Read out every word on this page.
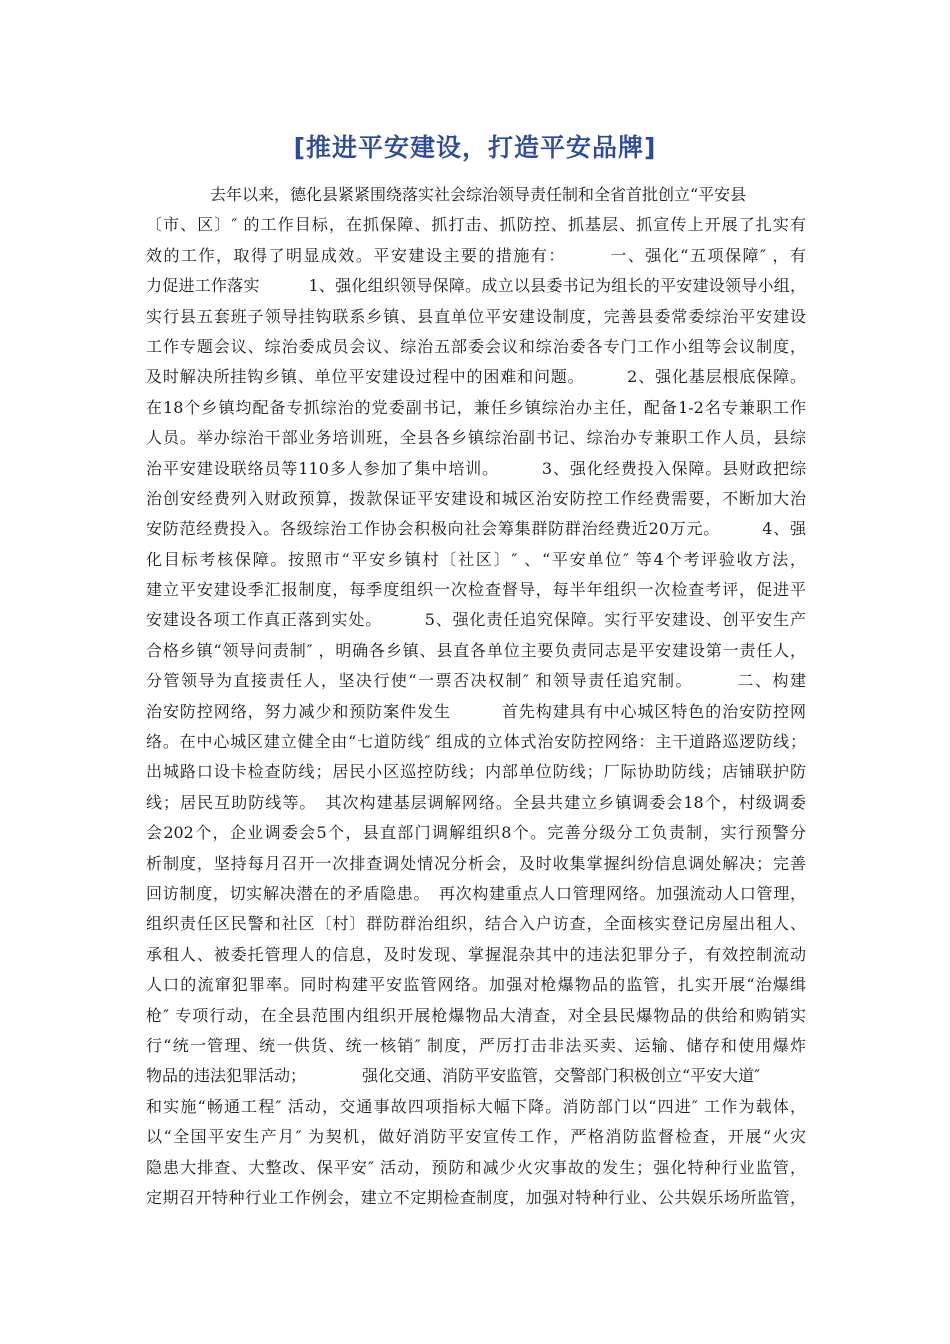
[推进平安建设，打造平安品牌]
去年以来，德化县紧紧围绕落实社会综治领导责任制和全省首批创立“平安县
〔市、区〕″ 的工作目标，在抓保障、抓打击、抓防控、抓基层、抓宣传上开展了扎实有
效的工作，取得了明显成效。平安建设主要的措施有：　　　一、强化“五项保障″ ，有
力促进工作落实　　　1、强化组织领导保障。成立以县委书记为组长的平安建设领导小组，
实行县五套班子领导挂钩联系乡镇、县直单位平安建设制度，完善县委常委综治平安建设
工作专题会议、综治委成员会议、综治五部委会议和综治委各专门工作小组等会议制度，
及时解决所挂钩乡镇、单位平安建设过程中的困难和问题。　　　2、强化基层根底保障。
在18个乡镇均配备专抓综治的党委副书记，兼任乡镇综治办主任，配备1-2名专兼职工作
人员。举办综治干部业务培训班，全县各乡镇综治副书记、综治办专兼职工作人员，县综
治平安建设联络员等110多人参加了集中培训。　　　3、强化经费投入保障。县财政把综
治创安经费列入财政预算，拨款保证平安建设和城区治安防控工作经费需要，不断加大治
安防范经费投入。各级综治工作协会积极向社会筹集群防群治经费近20万元。　　　4、强
化目标考核保障。按照市“平安乡镇村〔社区〕″ 、“平安单位″ 等4个考评验收方法，
建立平安建设季汇报制度，每季度组织一次检查督导，每半年组织一次检查考评，促进平
安建设各项工作真正落到实处。　　　5、强化责任追究保障。实行平安建设、创平安生产
合格乡镇“领导问责制″ ，明确各乡镇、县直各单位主要负责同志是平安建设第一责任人，
分管领导为直接责任人，坚决行使“一票否决权制″ 和领导责任追究制。　　　二、构建
治安防控网络，努力减少和预防案件发生　　　首先构建具有中心城区特色的治安防控网
络。在中心城区建立健全由“七道防线″ 组成的立体式治安防控网络：主干道路巡逻防线；
出城路口设卡检查防线；居民小区巡控防线；内部单位防线；厂际协助防线；店铺联护防
线；居民互助防线等。　其次构建基层调解网络。全县共建立乡镇调委会18个，村级调委
会202个，企业调委会5个，县直部门调解组织8个。完善分级分工负责制，实行预警分
析制度，坚持每月召开一次排查调处情况分析会，及时收集掌握纠纷信息调处解决；完善
回访制度，切实解决潜在的矛盾隐患。　再次构建重点人口管理网络。加强流动人口管理，
组织责任区民警和社区〔村〕群防群治组织，结合入户访查，全面核实登记房屋出租人、
承租人、被委托管理人的信息，及时发现、掌握混杂其中的违法犯罪分子，有效控制流动
人口的流窜犯罪率。同时构建平安监管网络。加强对枪爆物品的监管，扎实开展“治爆缉
枪″ 专项行动，在全县范围内组织开展枪爆物品大清查，对全县民爆物品的供给和购销实
行“统一管理、统一供货、统一核销″ 制度，严厉打击非法买卖、运输、储存和使用爆炸
物品的违法犯罪活动；　　　　强化交通、消防平安监管，交警部门积极创立“平安大道″
和实施“畅通工程″ 活动，交通事故四项指标大幅下降。消防部门以“四进″ 工作为载体，
以“全国平安生产月″ 为契机，做好消防平安宣传工作，严格消防监督检查，开展“火灾
隐患大排查、大整改、保平安″ 活动，预防和减少火灾事故的发生；强化特种行业监管，
定期召开特种行业工作例会，建立不定期检查制度，加强对特种行业、公共娱乐场所监管，
